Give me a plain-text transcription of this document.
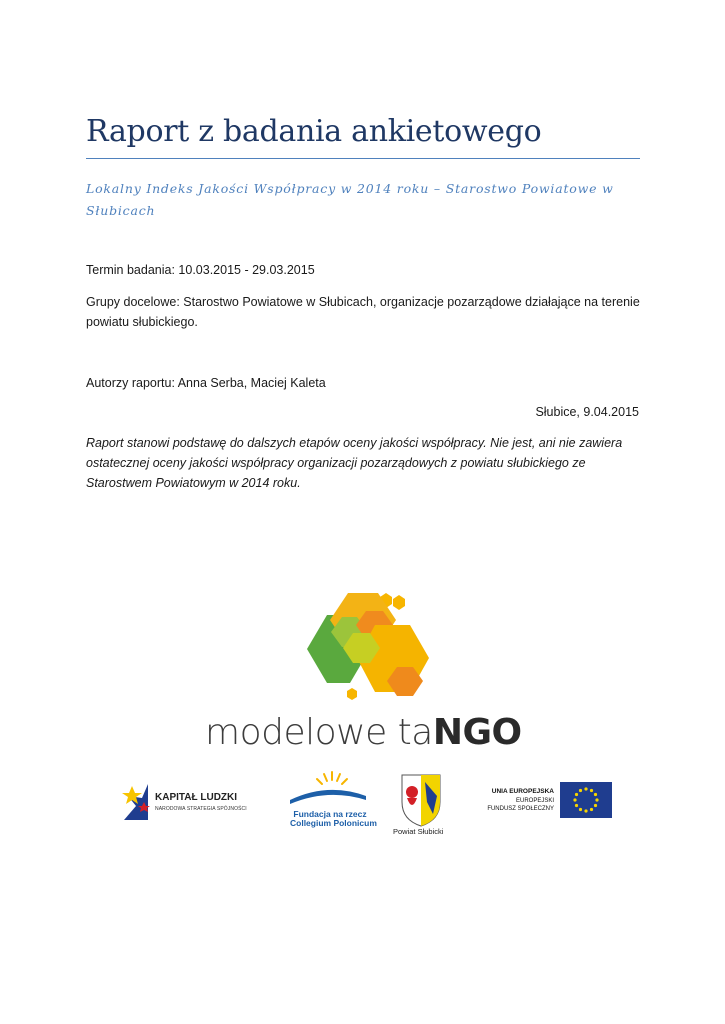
Raport z badania ankietowego
Lokalny Indeks Jakości Współpracy w 2014 roku – Starostwo Powiatowe w Słubicach
Termin badania: 10.03.2015 - 29.03.2015
Grupy docelowe: Starostwo Powiatowe w Słubicach, organizacje pozarządowe działające na terenie powiatu słubickiego.
Autorzy raportu: Anna Serba, Maciej Kaleta
Słubice, 9.04.2015
Raport stanowi podstawę do dalszych etapów oceny jakości współpracy. Nie jest, ani nie zawiera ostatecznej oceny jakości współpracy organizacji pozarządowych z powiatu słubickiego ze Starostwem Powiatowym w 2014 roku.
modelowe taNGO
KAPITAŁ LUDZKI
NARODOWA STRATEGIA SPÓJNOŚCI	Fundacja na rzecz
Collegium Polonicum
Powiat Słubicki
UNIA EUROPEJSKA
EUROPEJSKI
FUNDUSZ SPOŁECZNY
